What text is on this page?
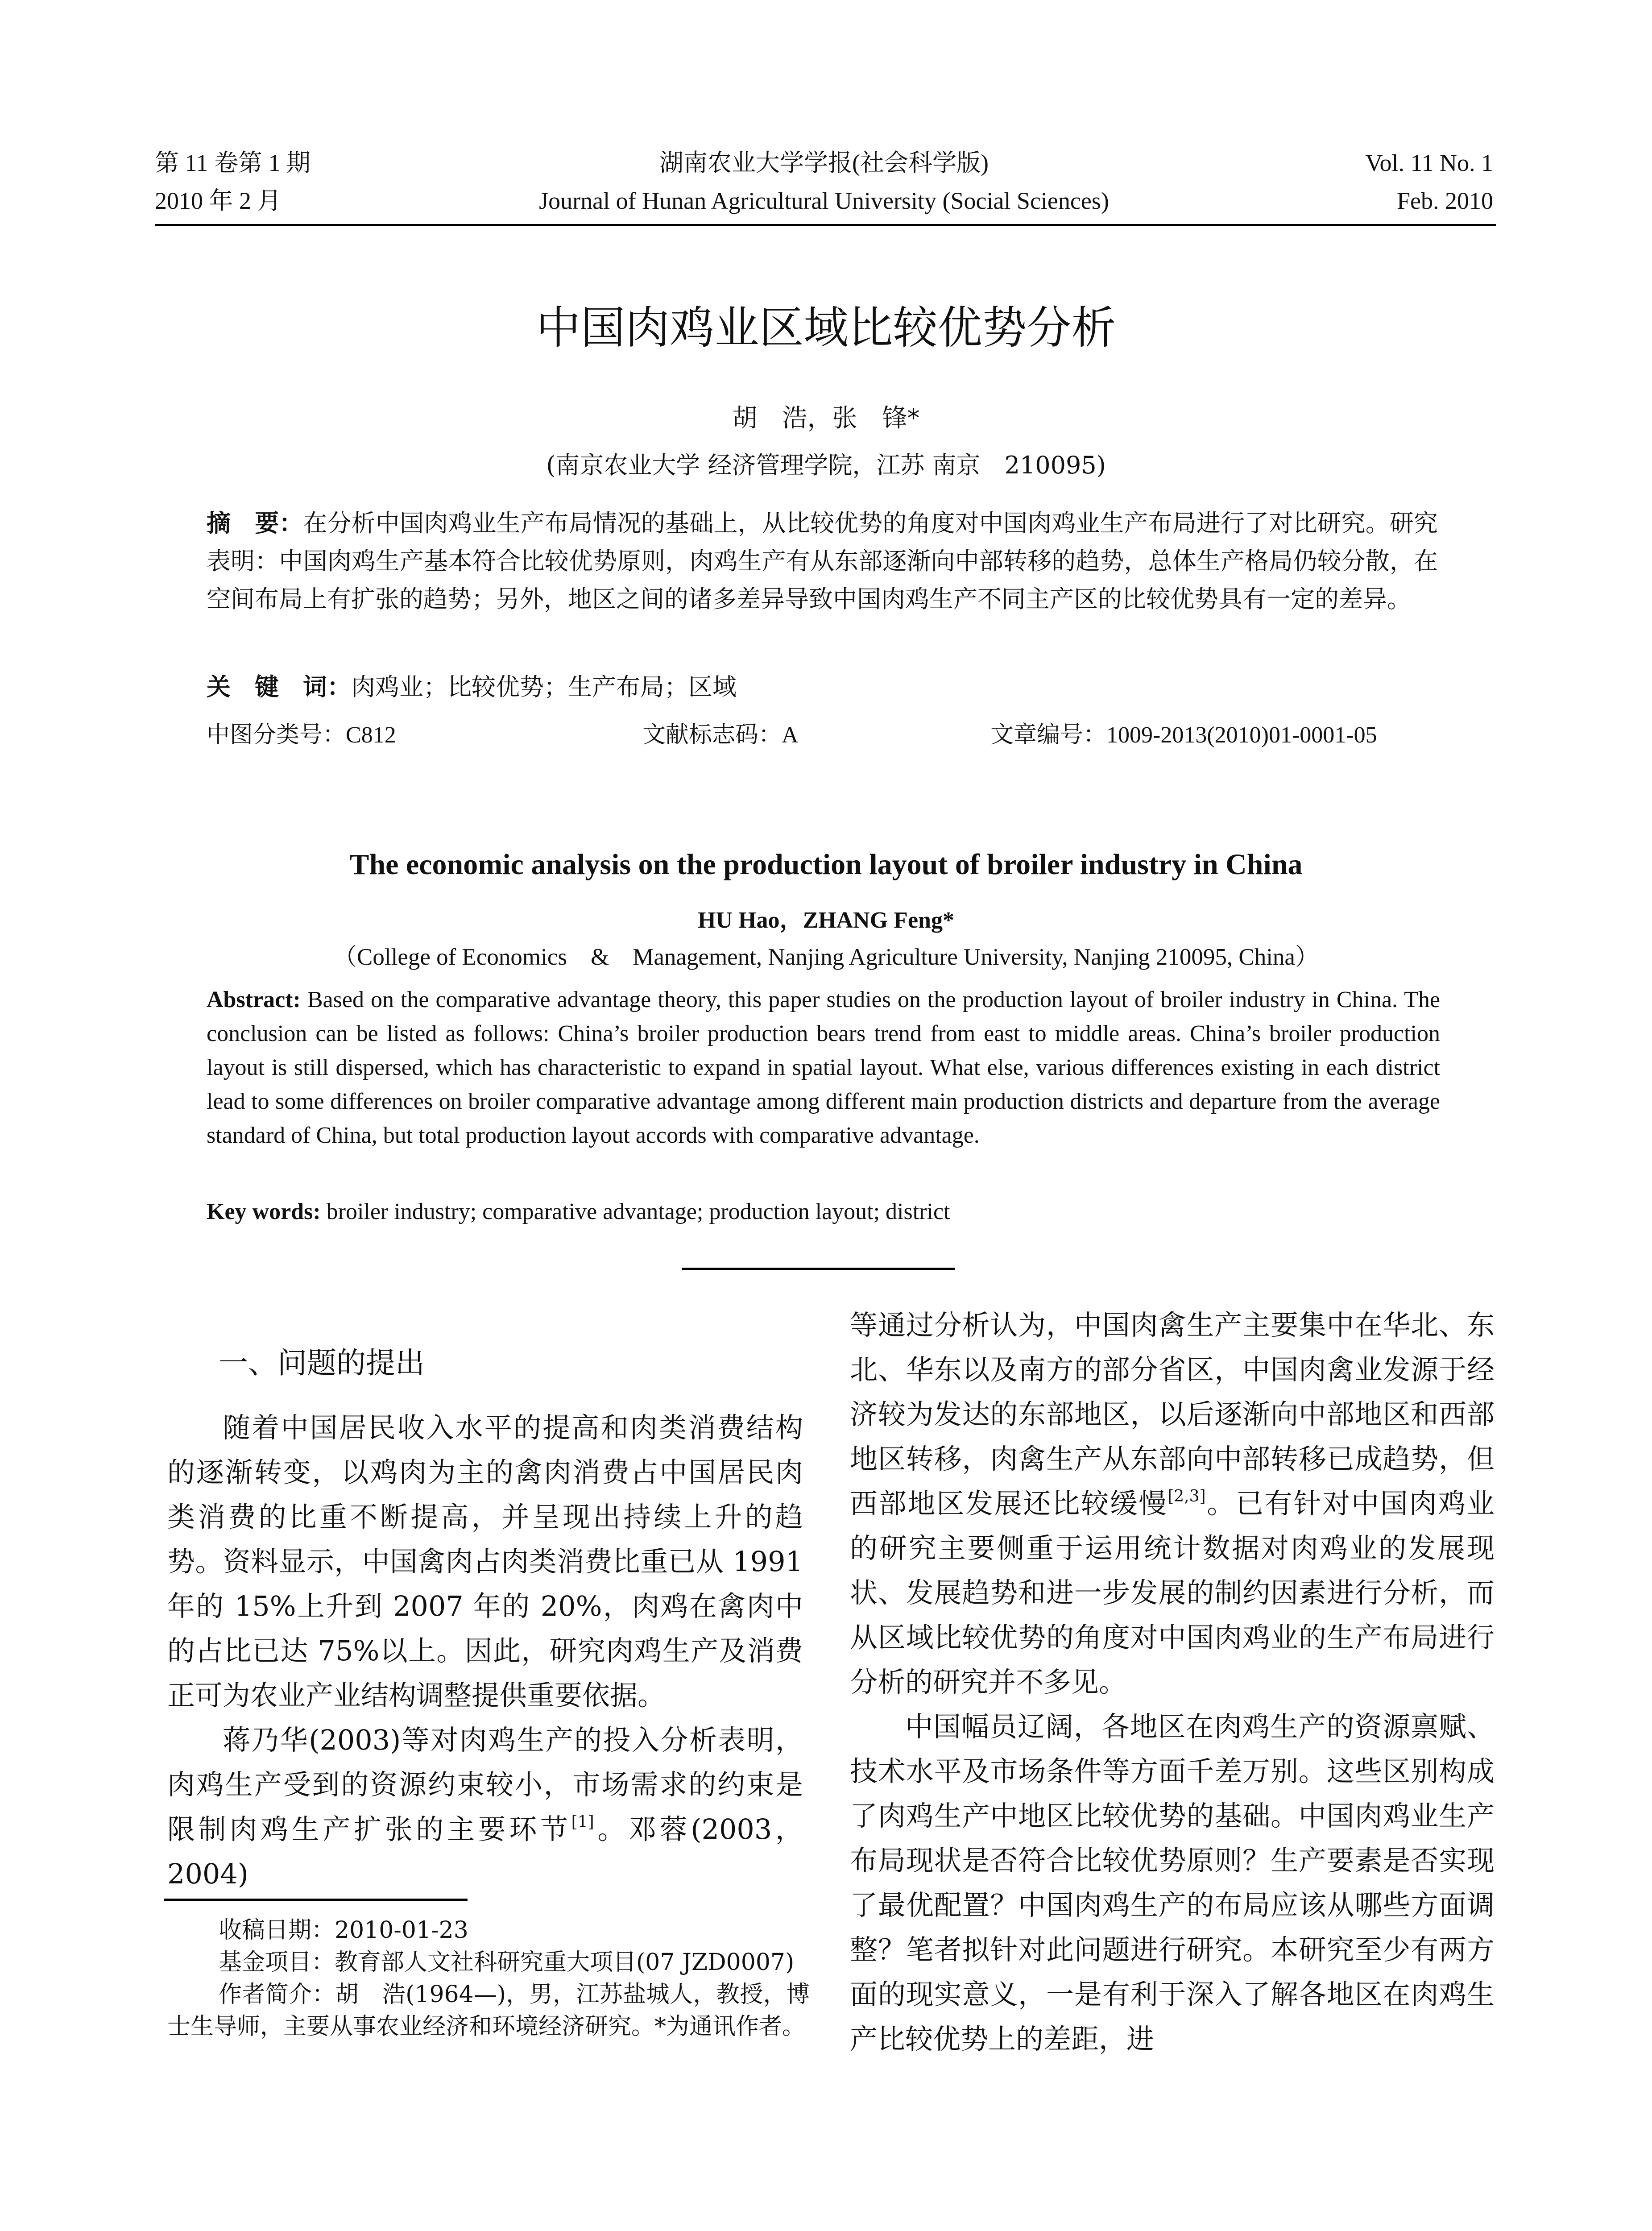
第 11 卷第 1 期	湖南农业大学学报(社会科学版)	Vol. 11 No. 1
2010 年 2 月	Journal of Hunan Agricultural University (Social Sciences)	Feb. 2010
中国肉鸡业区域比较优势分析
胡　浩，张　锋*
(南京农业大学 经济管理学院，江苏 南京　210095)
摘　要：在分析中国肉鸡业生产布局情况的基础上，从比较优势的角度对中国肉鸡业生产布局进行了对比研究。研究表明：中国肉鸡生产基本符合比较优势原则，肉鸡生产有从东部逐渐向中部转移的趋势，总体生产格局仍较分散，在空间布局上有扩张的趋势；另外，地区之间的诸多差异导致中国肉鸡生产不同主产区的比较优势具有一定的差异。
关　键　词：肉鸡业；比较优势；生产布局；区域
中图分类号：C812	文献标志码：A	文章编号：1009-2013(2010)01-0001-05
The economic analysis on the production layout of broiler industry in China
HU Hao，ZHANG Feng*
（College of Economics　&　Management, Nanjing Agriculture University, Nanjing 210095, China）
Abstract: Based on the comparative advantage theory, this paper studies on the production layout of broiler industry in China. The conclusion can be listed as follows: China’s broiler production bears trend from east to middle areas. China’s broiler production layout is still dispersed, which has characteristic to expand in spatial layout. What else, various differences existing in each district lead to some differences on broiler comparative advantage among different main production districts and departure from the average standard of China, but total production layout accords with comparative advantage.
Key words: broiler industry; comparative advantage; production layout; district
一、问题的提出

随着中国居民收入水平的提高和肉类消费结构的逐渐转变，以鸡肉为主的禽肉消费占中国居民肉类消费的比重不断提高，并呈现出持续上升的趋势。资料显示，中国禽肉占肉类消费比重已从 1991 年的 15%上升到 2007 年的 20%，肉鸡在禽肉中的占比已达 75%以上。因此，研究肉鸡生产及消费正可为农业产业结构调整提供重要依据。

蒋乃华(2003)等对肉鸡生产的投入分析表明，肉鸡生产受到的资源约束较小，市场需求的约束是限制肉鸡生产扩张的主要环节[1]。邓蓉(2003，2004)

等通过分析认为，中国肉禽生产主要集中在华北、东北、华东以及南方的部分省区，中国肉禽业发源于经济较为发达的东部地区，以后逐渐向中部地区和西部地区转移，肉禽生产从东部向中部转移已成趋势，但西部地区发展还比较缓慢[2,3]。已有针对中国肉鸡业的研究主要侧重于运用统计数据对肉鸡业的发展现状、发展趋势和进一步发展的制约因素进行分析，而从区域比较优势的角度对中国肉鸡业的生产布局进行分析的研究并不多见。

中国幅员辽阔，各地区在肉鸡生产的资源禀赋、技术水平及市场条件等方面千差万别。这些区别构成了肉鸡生产中地区比较优势的基础。中国肉鸡业生产布局现状是否符合比较优势原则？生产要素是否实现了最优配置？中国肉鸡生产的布局应该从哪些方面调整？笔者拟针对此问题进行研究。本研究至少有两方面的现实意义，一是有利于深入了解各地区在肉鸡生产比较优势上的差距，进

收稿日期：2010-01-23
基金项目：教育部人文社科研究重大项目(07 JZD0007)
作者简介：胡　浩(1964—)，男，江苏盐城人，教授，博士生导师，主要从事农业经济和环境经济研究。*为通讯作者。
